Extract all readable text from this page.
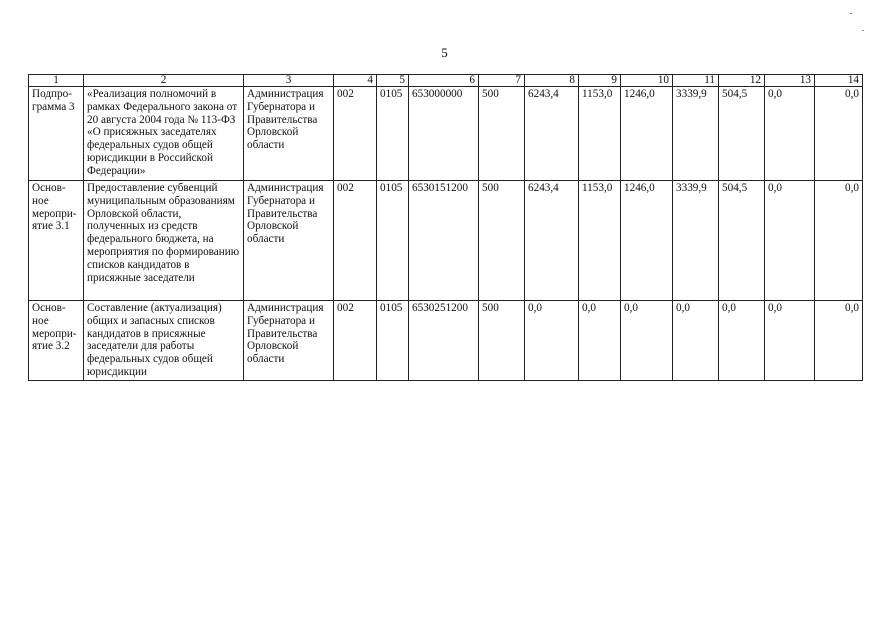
5
1	2	3	4	5	6	7	8	9	10	11	12	13	14
Подпро-грамма 3	«Реализация полномочий в рамках Федерального закона от 20 августа 2004 года № 113-ФЗ «О присяжных заседателях федеральных судов общей юрисдикции в Российской Федерации»	Администрация Губернатора и Правительства Орловской области	002	0105	653000000	500	6243,4	1153,0	1246,0	3339,9	504,5	0,0	0,0
Основ-ное меропри-ятие 3.1	Предоставление субвенций муниципальным образованиям Орловской области, полученных из средств федерального бюджета, на мероприятия по формированию списков кандидатов в присяжные заседатели	Администрация Губернатора и Правительства Орловской области	002	0105	6530151200	500	6243,4	1153,0	1246,0	3339,9	504,5	0,0	0,0
Основ-ное меропри-ятие 3.2	Составление (актуализация) общих и запасных списков кандидатов в присяжные заседатели для работы федеральных судов общей юрисдикции	Администрация Губернатора и Правительства Орловской области	002	0105	6530251200	500	0,0	0,0	0,0	0,0	0,0	0,0	0,0
